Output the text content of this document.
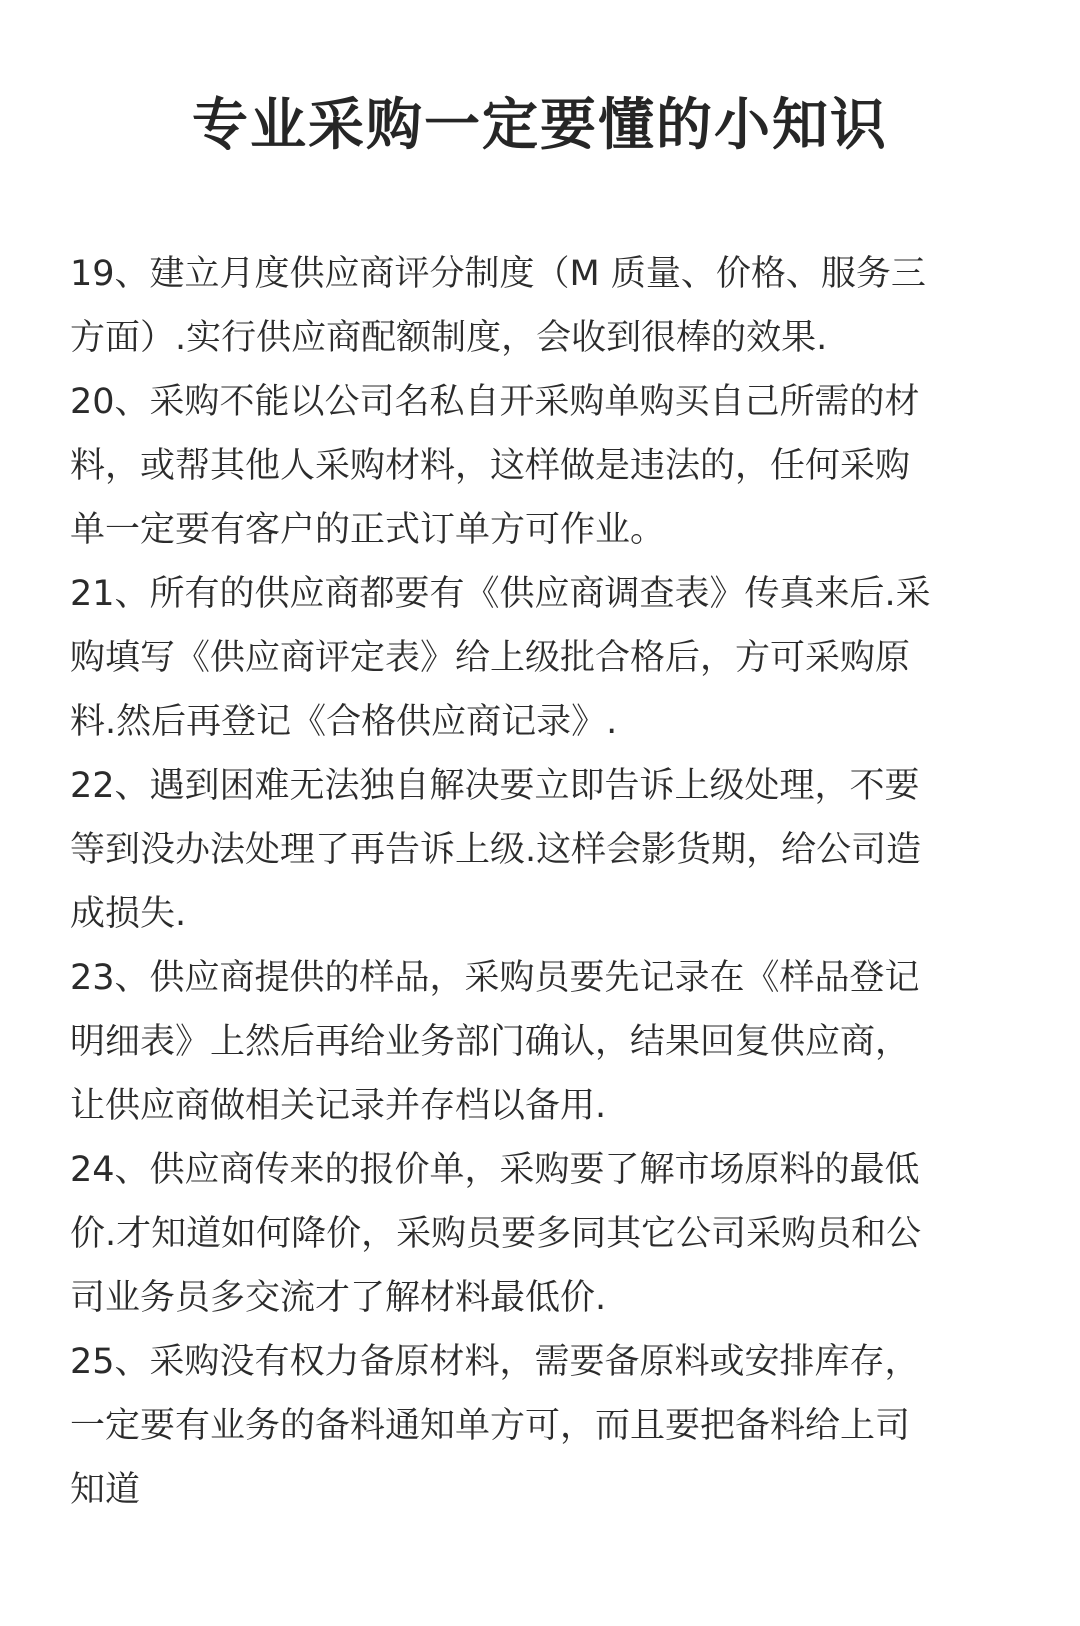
专业采购一定要懂的小知识

19、建立月度供应商评分制度（M 质量、价格、服务三
方面）.实行供应商配额制度，会收到很棒的效果.

20、采购不能以公司名私自开采购单购买自己所需的材
料，或帮其他人采购材料，这样做是违法的，任何采购
单一定要有客户的正式订单方可作业。

21、所有的供应商都要有《供应商调查表》传真来后.采
购填写《供应商评定表》给上级批合格后，方可采购原
料.然后再登记《合格供应商记录》.

22、遇到困难无法独自解决要立即告诉上级处理，不要
等到没办法处理了再告诉上级.这样会影货期，给公司造
成损失.

23、供应商提供的样品，采购员要先记录在《样品登记
明细表》上然后再给业务部门确认，结果回复供应商，
让供应商做相关记录并存档以备用.

24、供应商传来的报价单，采购要了解市场原料的最低
价.才知道如何降价，采购员要多同其它公司采购员和公
司业务员多交流才了解材料最低价.

25、采购没有权力备原材料，需要备原料或安排库存，
一定要有业务的备料通知单方可，而且要把备料给上司
知道
